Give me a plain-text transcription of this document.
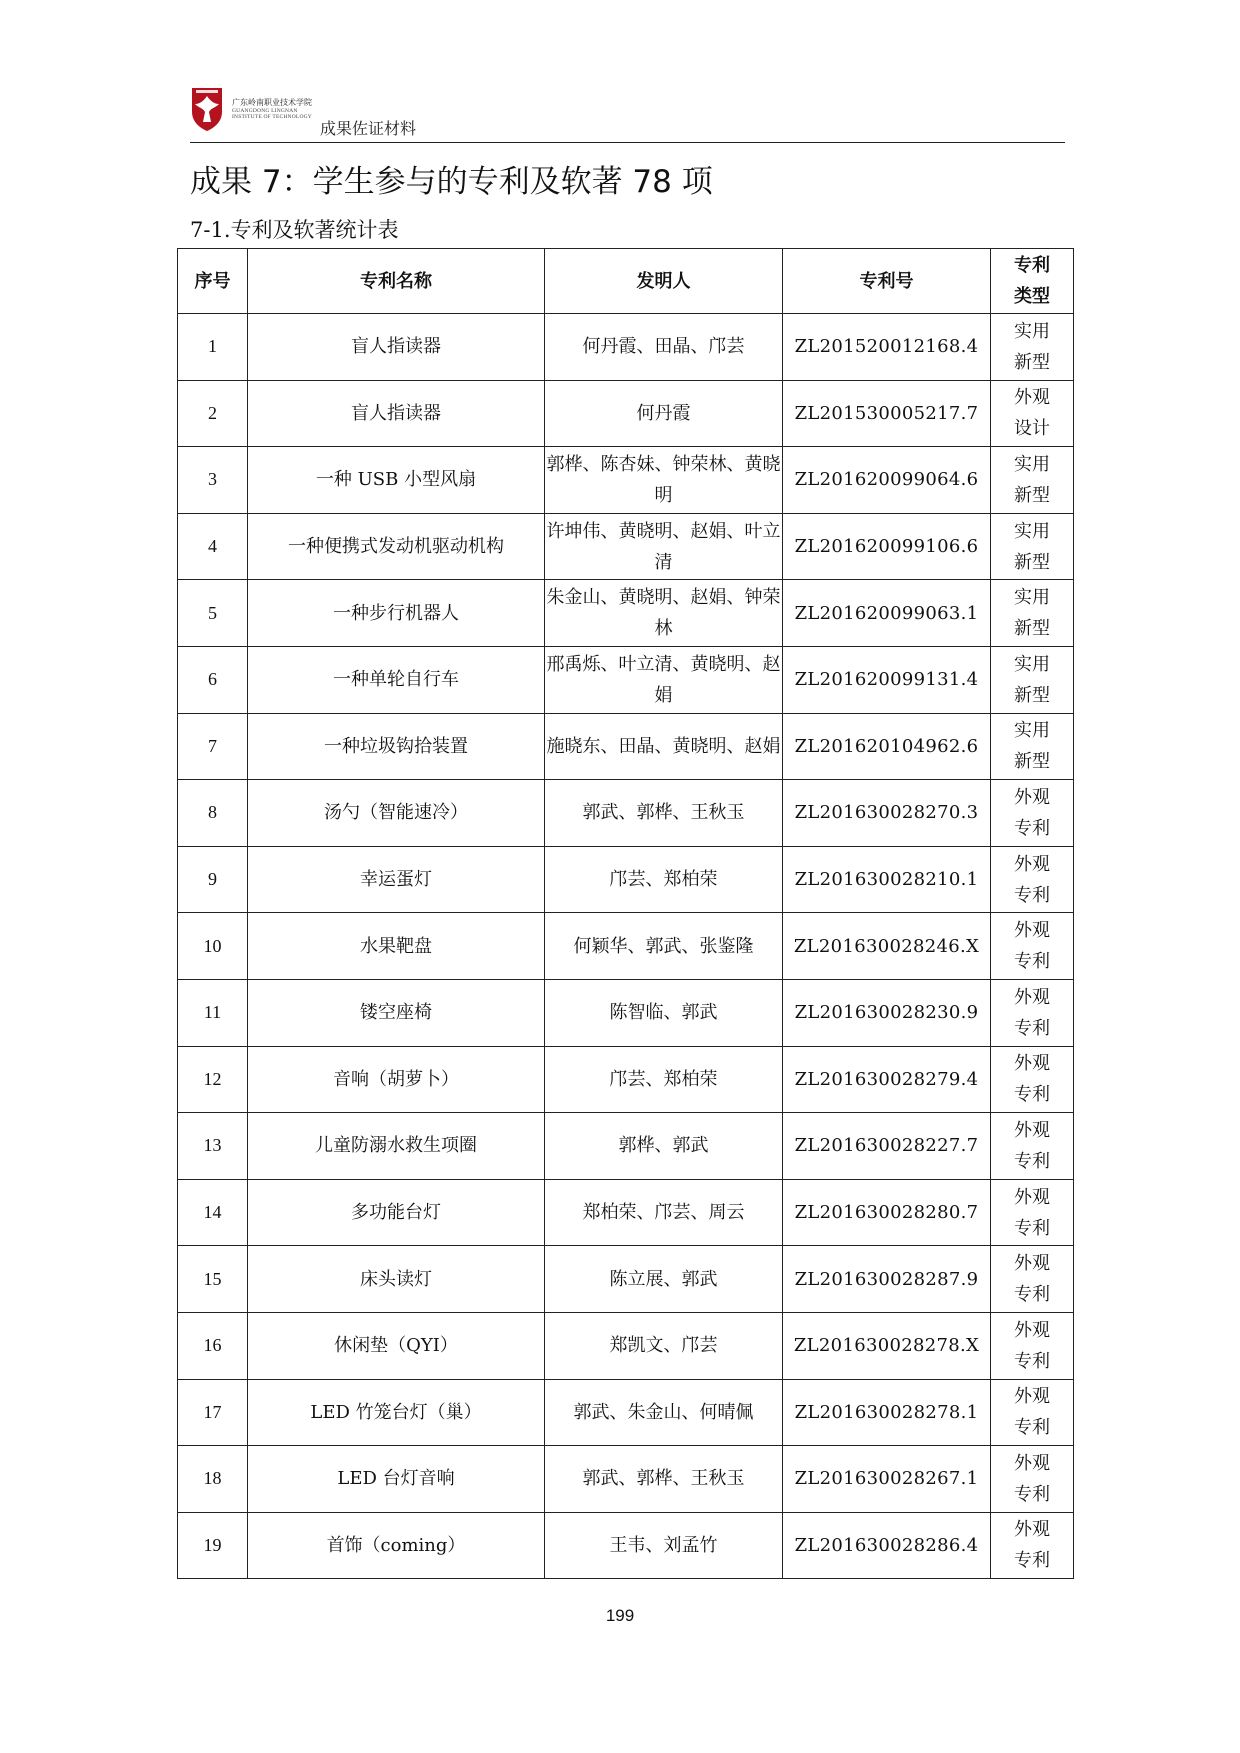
广东岭南职业技术学院
GUANGDONG LINGNAN
INSTITUTE OF TECHNOLOGY
成果佐证材料
成果 7：学生参与的专利及软著 78 项
7-1.专利及软著统计表
序号	专利名称	发明人	专利号	专利
类型

1	盲人指读器	何丹霞、田晶、邝芸	ZL201520012168.4	实用
新型

2	盲人指读器	何丹霞	ZL201530005217.7	外观
设计

3	一种 USB 小型风扇	郭桦、陈杏妹、钟荣林、黄晓明	ZL201620099064.6	实用
新型

4	一种便携式发动机驱动机构	许坤伟、黄晓明、赵娟、叶立清	ZL201620099106.6	实用
新型

5	一种步行机器人	朱金山、黄晓明、赵娟、钟荣林	ZL201620099063.1	实用
新型

6	一种单轮自行车	邢禹烁、叶立清、黄晓明、赵娟	ZL201620099131.4	实用
新型

7	一种垃圾钩拾装置	施晓东、田晶、黄晓明、赵娟	ZL201620104962.6	实用
新型

8	汤勺（智能速冷）	郭武、郭桦、王秋玉	ZL201630028270.3	外观
专利

9	幸运蛋灯	邝芸、郑柏荣	ZL201630028210.1	外观
专利

10	水果靶盘	何颖华、郭武、张鉴隆	ZL201630028246.X	外观
专利

11	镂空座椅	陈智临、郭武	ZL201630028230.9	外观
专利

12	音响（胡萝卜）	邝芸、郑柏荣	ZL201630028279.4	外观
专利

13	儿童防溺水救生项圈	郭桦、郭武	ZL201630028227.7	外观
专利

14	多功能台灯	郑柏荣、邝芸、周云	ZL201630028280.7	外观
专利

15	床头读灯	陈立展、郭武	ZL201630028287.9	外观
专利

16	休闲垫（QYI）	郑凯文、邝芸	ZL201630028278.X	外观
专利

17	LED 竹笼台灯（巢）	郭武、朱金山、何晴佩	ZL201630028278.1	外观
专利

18	LED 台灯音响	郭武、郭桦、王秋玉	ZL201630028267.1	外观
专利

19	首饰（coming）	王韦、刘孟竹	ZL201630028286.4	外观
专利
199
